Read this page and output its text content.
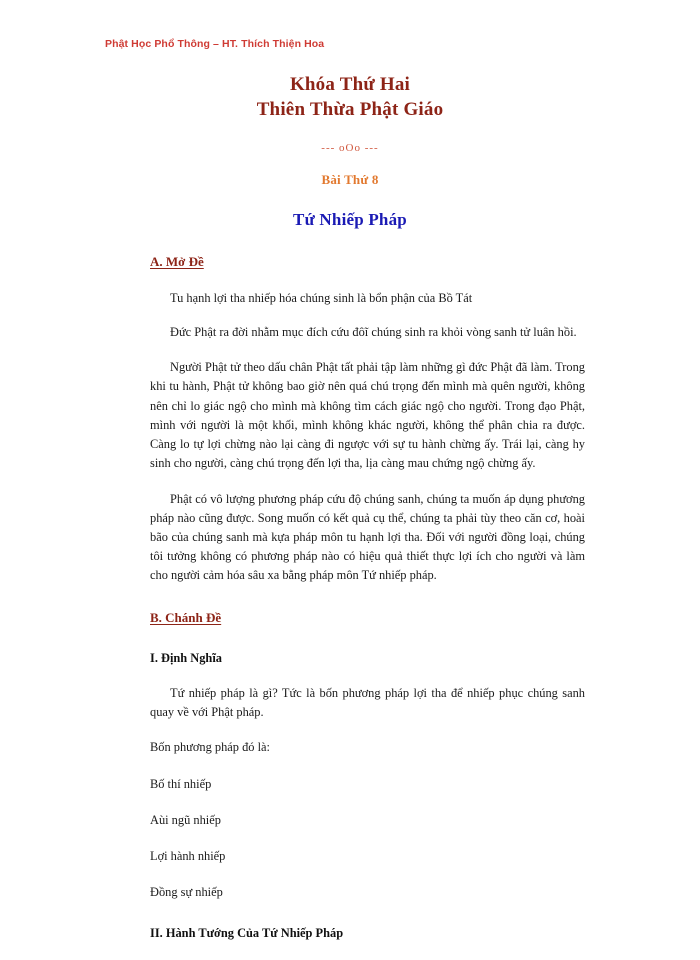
Phật Học Phổ Thông – HT. Thích Thiện Hoa
Khóa Thứ Hai
Thiên Thừa Phật Giáo
--- oOo ---
Bài Thứ 8
Tứ Nhiếp Pháp
A. Mở Đề

Tu hạnh lợi tha nhiếp hóa chúng sinh là bổn phận của Bồ Tát

Đức Phật ra đời nhằm mục đích cứu đôĩ chúng sinh ra khỏi vòng sanh tử luân hồi.

Người Phật tử theo dấu chân Phật tất phải tập làm những gì đức Phật đã làm. Trong khi tu hành, Phật tử không bao giờ nên quá chú trọng đến mình mà quên người, không nên chỉ lo giác ngộ cho mình mà không tìm cách giác ngộ cho người. Trong đạo Phật, mình với người là một khối, mình không khác người, không thể phân chia ra được. Càng lo tự lợi chừng nào lại càng đi ngược với sự tu hành chừng ấy. Trái lại, càng hy sinh cho người, càng chú trọng đến lợi tha, lịa càng mau chứng ngộ chừng ấy.

Phật có vô lượng phương pháp cứu độ chúng sanh, chúng ta muốn áp dụng phương pháp nào cũng được. Song muốn có kết quả cụ thể, chúng ta phải tùy theo căn cơ, hoài bão của chúng sanh mà kựa pháp môn tu hạnh lợi tha. Đối với người đồng loại, chúng tôi tưởng không có phương pháp nào có hiệu quả thiết thực lợi ích cho người và làm cho người cảm hóa sâu xa bằng pháp môn Tứ nhiếp pháp.

B. Chánh Đề
I. Định Nghĩa

Tứ nhiếp pháp là gì? Tức là bốn phương pháp lợi tha để nhiếp phục chúng sanh quay về với Phật pháp.

Bốn phương pháp đó là:

Bố thí nhiếp

Aùi ngũ nhiếp

Lợi hành nhiếp

Đồng sự nhiếp

II. Hành Tướng Của Tứ Nhiếp Pháp
